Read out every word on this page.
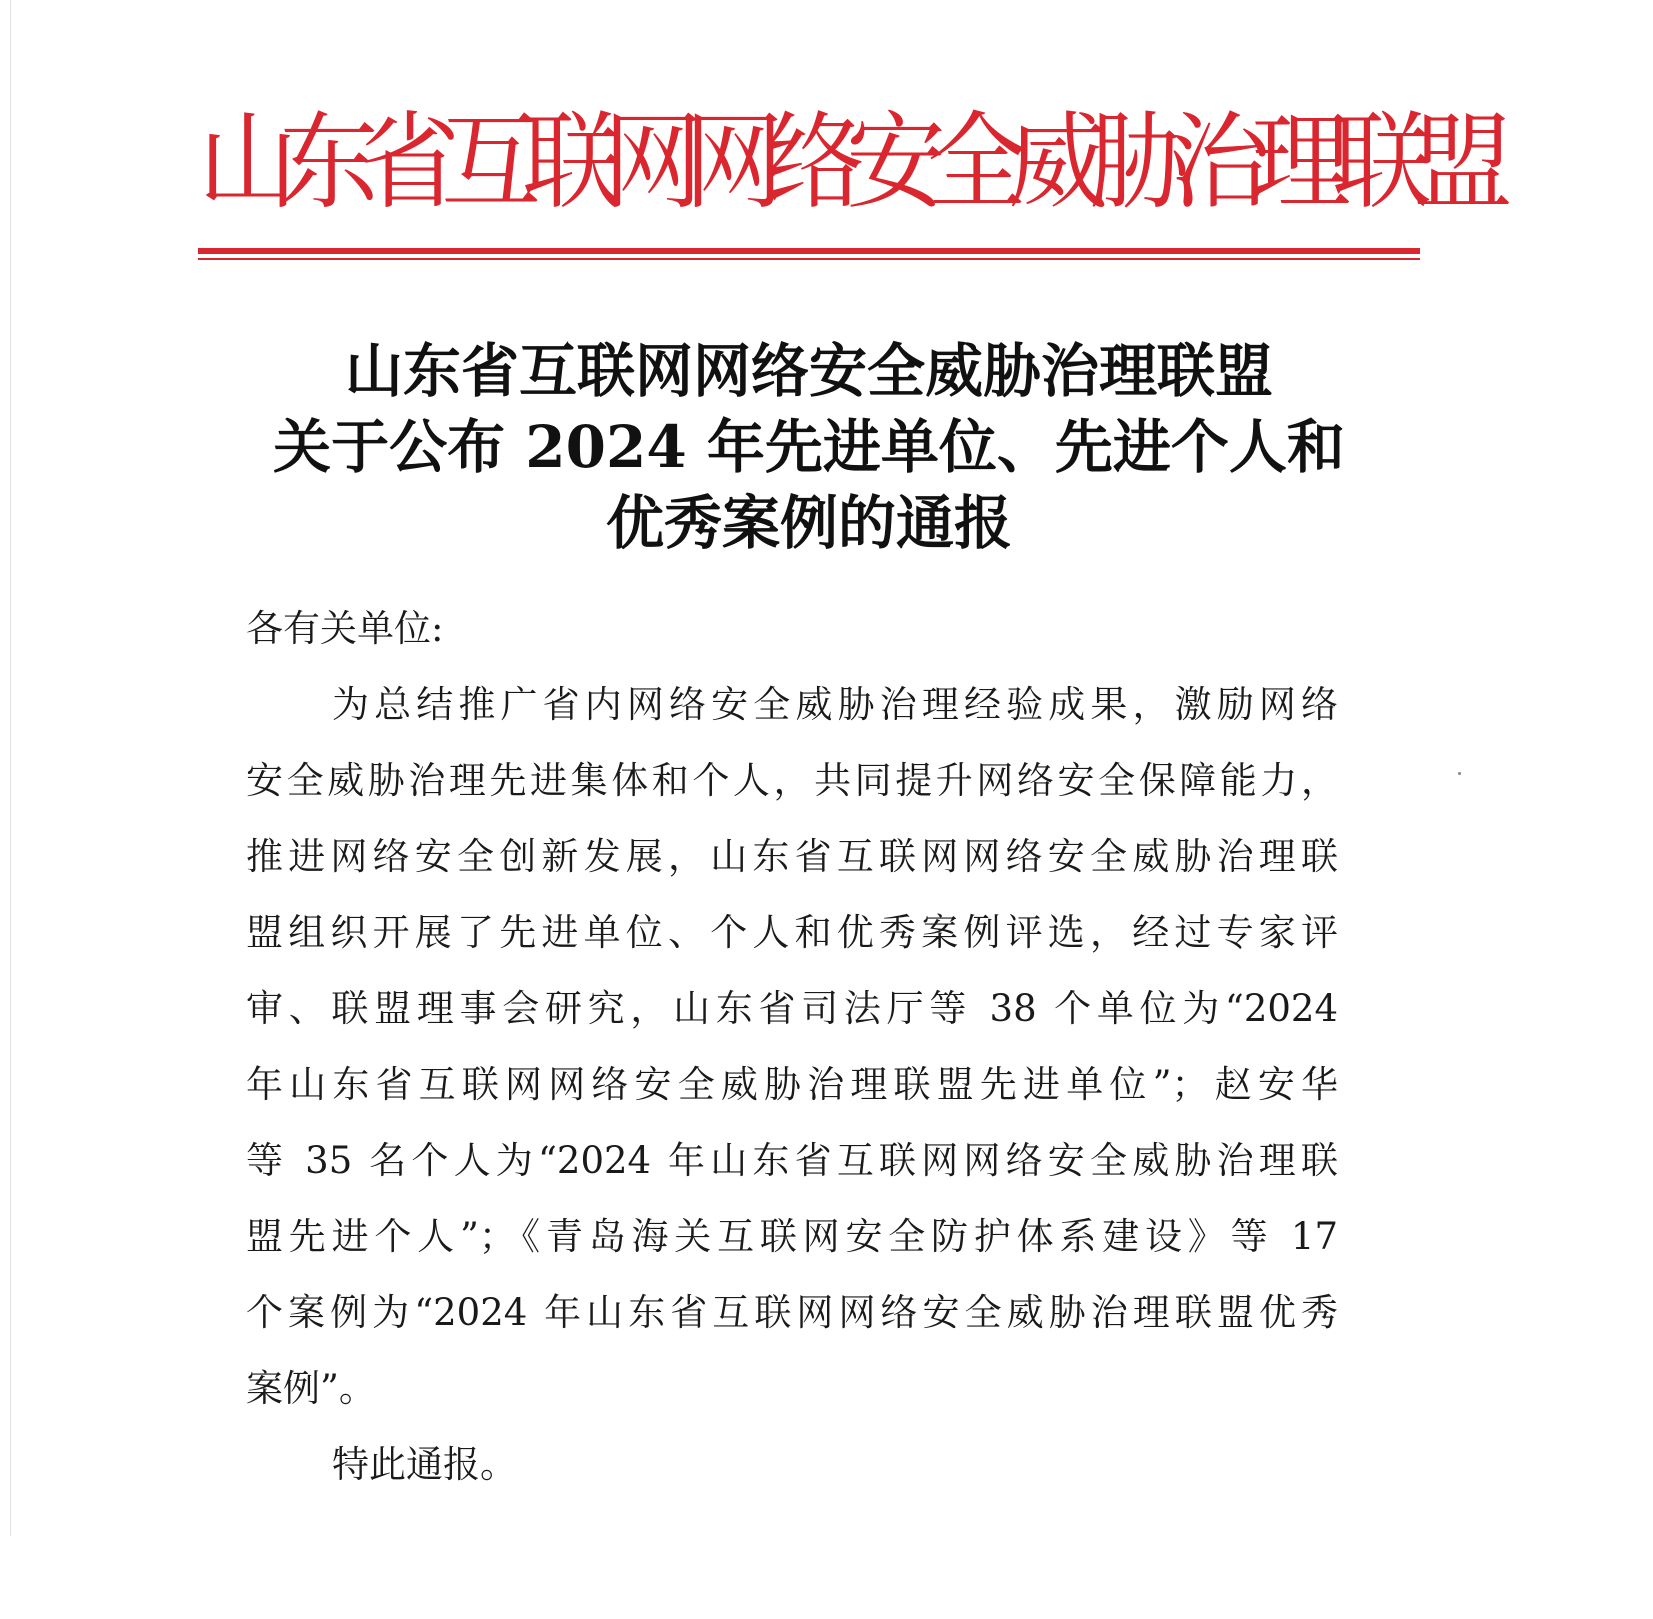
山
东
省
互
联
网
网
络
安
全
威
胁
治
理
联
盟
山东省互联网网络安全威胁治理联盟
关于公布 2024 年先进单位、先进个人和
优秀案例的通报
各有关单位:
为总结推广省内网络安全威胁治理经验成果，激励网络
安全威胁治理先进集体和个人，共同提升网络安全保障能力，
推进网络安全创新发展，山东省互联网网络安全威胁治理联
盟组织开展了先进单位、个人和优秀案例评选，经过专家评
审、联盟理事会研究，山东省司法厅等 38 个单位为“2024
年山东省互联网网络安全威胁治理联盟先进单位”；赵安华
等 35 名个人为“2024 年山东省互联网网络安全威胁治理联
盟先进个人”；《青岛海关互联网安全防护体系建设》等 17
个案例为“2024 年山东省互联网网络安全威胁治理联盟优秀
案例”。
特此通报。
